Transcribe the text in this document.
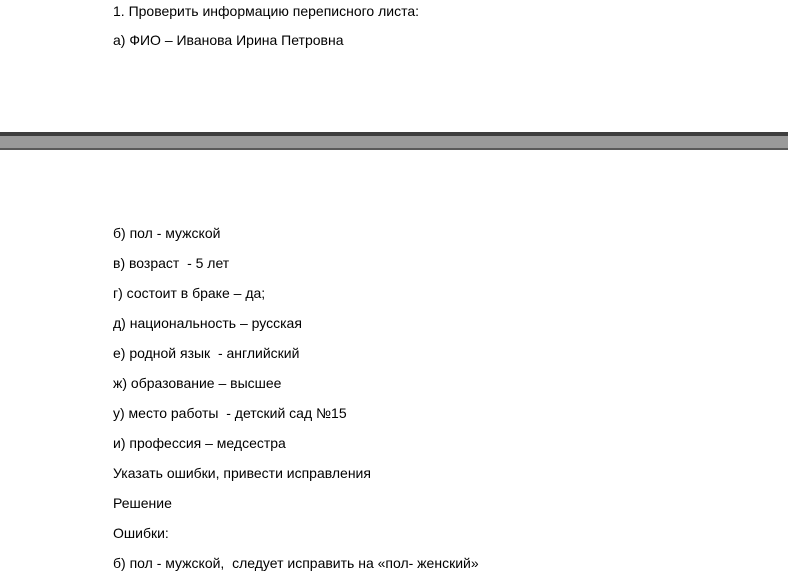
1. Проверить информацию переписного листа:
а) ФИО – Иванова Ирина Петровна
б) пол - мужской
в) возраст  - 5 лет
г) состоит в браке – да;
д) национальность – русская
е) родной язык  - английский
ж) образование – высшее
у) место работы  - детский сад №15
и) профессия – медсестра
Указать ошибки, привести исправления
Решение
Ошибки:
б) пол - мужской,  следует исправить на «пол- женский»
